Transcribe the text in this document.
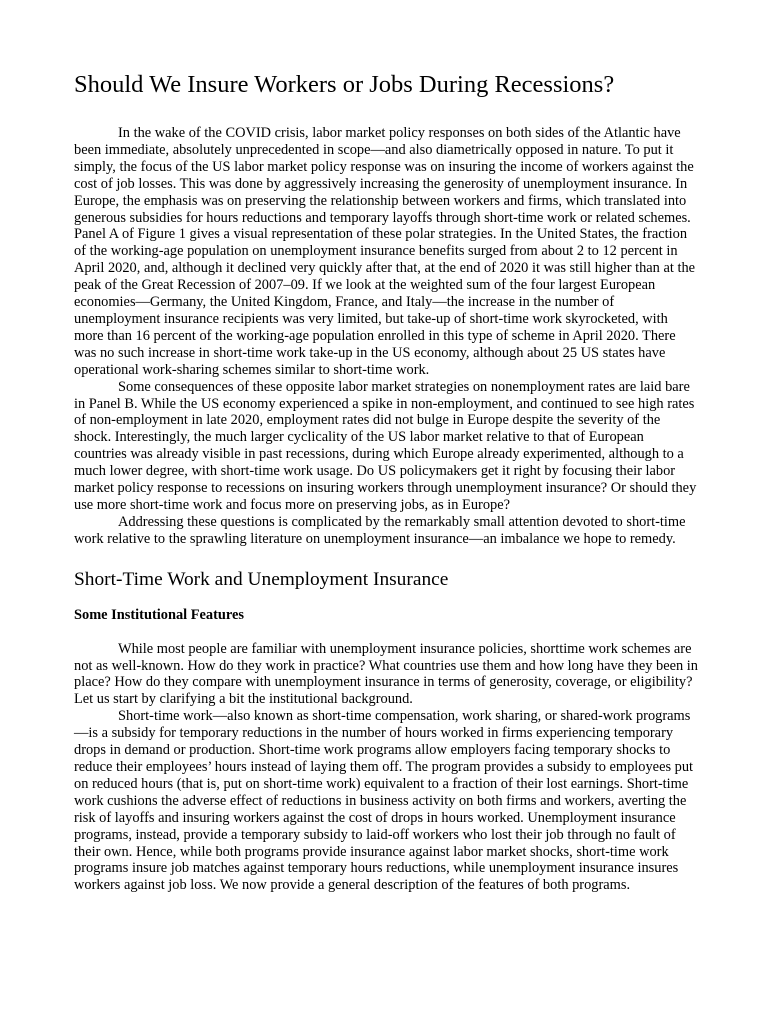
Should We Insure Workers or Jobs During Recessions?

In the wake of the COVID crisis, labor market policy responses on both sides of the Atlantic have been immediate, absolutely unprecedented in scope—and also diametrically opposed in nature. To put it simply, the focus of the US labor market policy response was on insuring the income of workers against the cost of job losses. This was done by aggressively increasing the generosity of unemployment insurance. In Europe, the emphasis was on preserving the relationship between workers and firms, which translated into generous subsidies for hours reductions and temporary layoffs through short-time work or related schemes. Panel A of Figure 1 gives a visual representation of these polar strategies. In the United States, the fraction of the working-age population on unemployment insurance benefits surged from about 2 to 12 percent in April 2020, and, although it declined very quickly after that, at the end of 2020 it was still higher than at the peak of the Great Recession of 2007–09. If we look at the weighted sum of the four largest European economies—Germany, the United Kingdom, France, and Italy—the increase in the number of unemployment insurance recipients was very limited, but take-up of short-time work skyrocketed, with more than 16 percent of the working-age population enrolled in this type of scheme in April 2020. There was no such increase in short-time work take-up in the US economy, although about 25 US states have operational work-sharing schemes similar to short-time work.

Some consequences of these opposite labor market strategies on nonemployment rates are laid bare in Panel B. While the US economy experienced a spike in non-employment, and continued to see high rates of non-employment in late 2020, employment rates did not bulge in Europe despite the severity of the shock. Interestingly, the much larger cyclicality of the US labor market relative to that of European countries was already visible in past recessions, during which Europe already experimented, although to a much lower degree, with short-time work usage. Do US policymakers get it right by focusing their labor market policy response to recessions on insuring workers through unemployment insurance? Or should they use more short-time work and focus more on preserving jobs, as in Europe?

Addressing these questions is complicated by the remarkably small attention devoted to short-time work relative to the sprawling literature on unemployment insurance—an imbalance we hope to remedy.

Short-Time Work and Unemployment Insurance
Some Institutional Features

While most people are familiar with unemployment insurance policies, shorttime work schemes are not as well-known. How do they work in practice? What countries use them and how long have they been in place? How do they compare with unemployment insurance in terms of generosity, coverage, or eligibility? Let us start by clarifying a bit the institutional background.

Short-time work—also known as short-time compensation, work sharing, or shared-work programs—is a subsidy for temporary reductions in the number of hours worked in firms experiencing temporary drops in demand or production. Short-time work programs allow employers facing temporary shocks to reduce their employees’ hours instead of laying them off. The program provides a subsidy to employees put on reduced hours (that is, put on short-time work) equivalent to a fraction of their lost earnings. Short-time work cushions the adverse effect of reductions in business activity on both firms and workers, averting the risk of layoffs and insuring workers against the cost of drops in hours worked. Unemployment insurance programs, instead, provide a temporary subsidy to laid-off workers who lost their job through no fault of their own. Hence, while both programs provide insurance against labor market shocks, short-time work programs insure job matches against temporary hours reductions, while unemployment insurance insures workers against job loss. We now provide a general description of the features of both programs.
